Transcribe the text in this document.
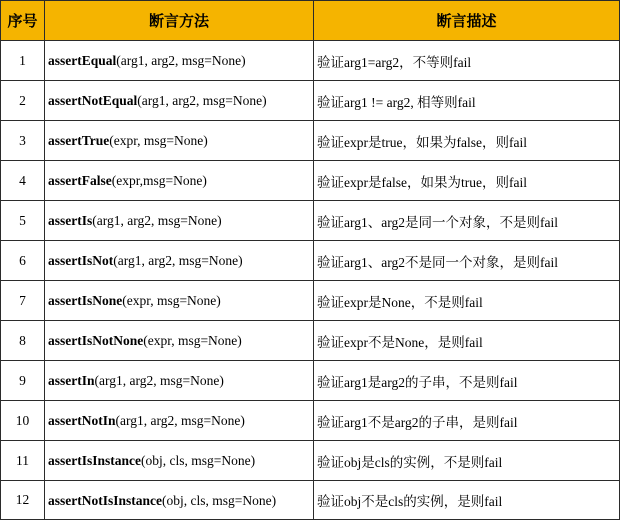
序号	断言方法	断言描述
1	assertEqual(arg1, arg2, msg=None)	验证arg1=arg2，不等则fail
2	assertNotEqual(arg1, arg2, msg=None)	验证arg1 != arg2, 相等则fail
3	assertTrue(expr, msg=None)	验证expr是true，如果为false，则fail
4	assertFalse(expr,msg=None)	验证expr是false，如果为true，则fail
5	assertIs(arg1, arg2, msg=None)	验证arg1、arg2是同一个对象，不是则fail
6	assertIsNot(arg1, arg2, msg=None)	验证arg1、arg2不是同一个对象，是则fail
7	assertIsNone(expr, msg=None)	验证expr是None，不是则fail
8	assertIsNotNone(expr, msg=None)	验证expr不是None，是则fail
9	assertIn(arg1, arg2, msg=None)	验证arg1是arg2的子串，不是则fail
10	assertNotIn(arg1, arg2, msg=None)	验证arg1不是arg2的子串，是则fail
11	assertIsInstance(obj, cls, msg=None)	验证obj是cls的实例，不是则fail
12	assertNotIsInstance(obj, cls, msg=None)	验证obj不是cls的实例，是则fail
